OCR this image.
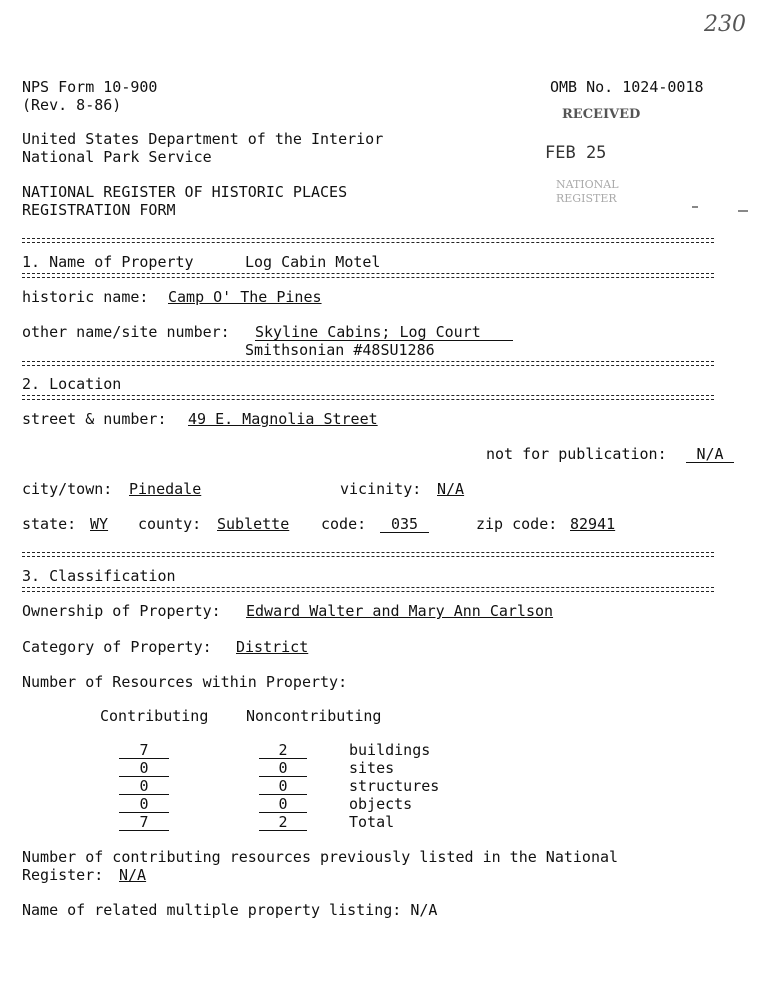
230
NPS Form 10-900
(Rev. 8-86)
OMB No. 1024-0018
United States Department of the Interior
National Park Service
NATIONAL REGISTER OF HISTORIC PLACES
REGISTRATION FORM
RECEIVED
FEB 25
NATIONAL
REGISTER
1. Name of Property	Log Cabin Motel
historic name: Camp O' The Pines
other name/site number: Skyline Cabins; Log Court
Smithsonian #48SU1286
2. Location
street & number: 49 E. Magnolia Street
not for publication:	N/A
city/town: Pinedale	vicinity: N/A
state: WY county: Sublette code:	035	zip code: 82941
3. Classification
Ownership of Property: Edward Walter and Mary Ann Carlson
Category of Property: District
Number of Resources within Property:
Contributing	Noncontributing
7	2	buildings
0	0	sites
0	0	structures
0	0	objects
7	2	Total
Number of contributing resources previously listed in the National
Register: N/A
Name of related multiple property listing: N/A
